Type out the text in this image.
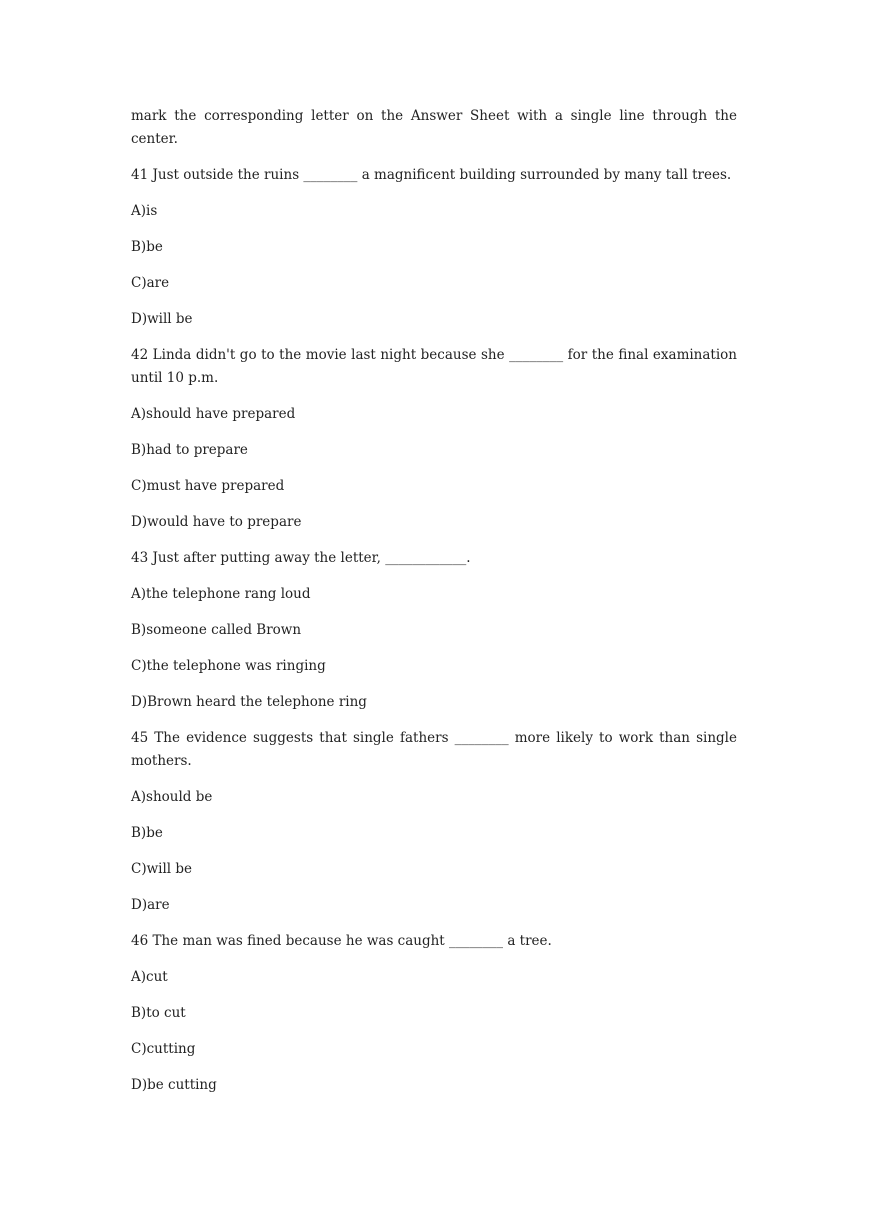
mark the corresponding letter on the Answer Sheet with a single line through the center.

41 Just outside the ruins ________ a magnificent building surrounded by many tall trees.

A)is

B)be

C)are

D)will be

42 Linda didn't go to the movie last night because she ________ for the final examination until 10 p.m.

A)should have prepared

B)had to prepare

C)must have prepared

D)would have to prepare

43 Just after putting away the letter, ____________.

A)the telephone rang loud

B)someone called Brown

C)the telephone was ringing

D)Brown heard the telephone ring

45 The evidence suggests that single fathers ________ more likely to work than single mothers.

A)should be

B)be

C)will be

D)are

46 The man was fined because he was caught ________ a tree.

A)cut

B)to cut

C)cutting

D)be cutting
